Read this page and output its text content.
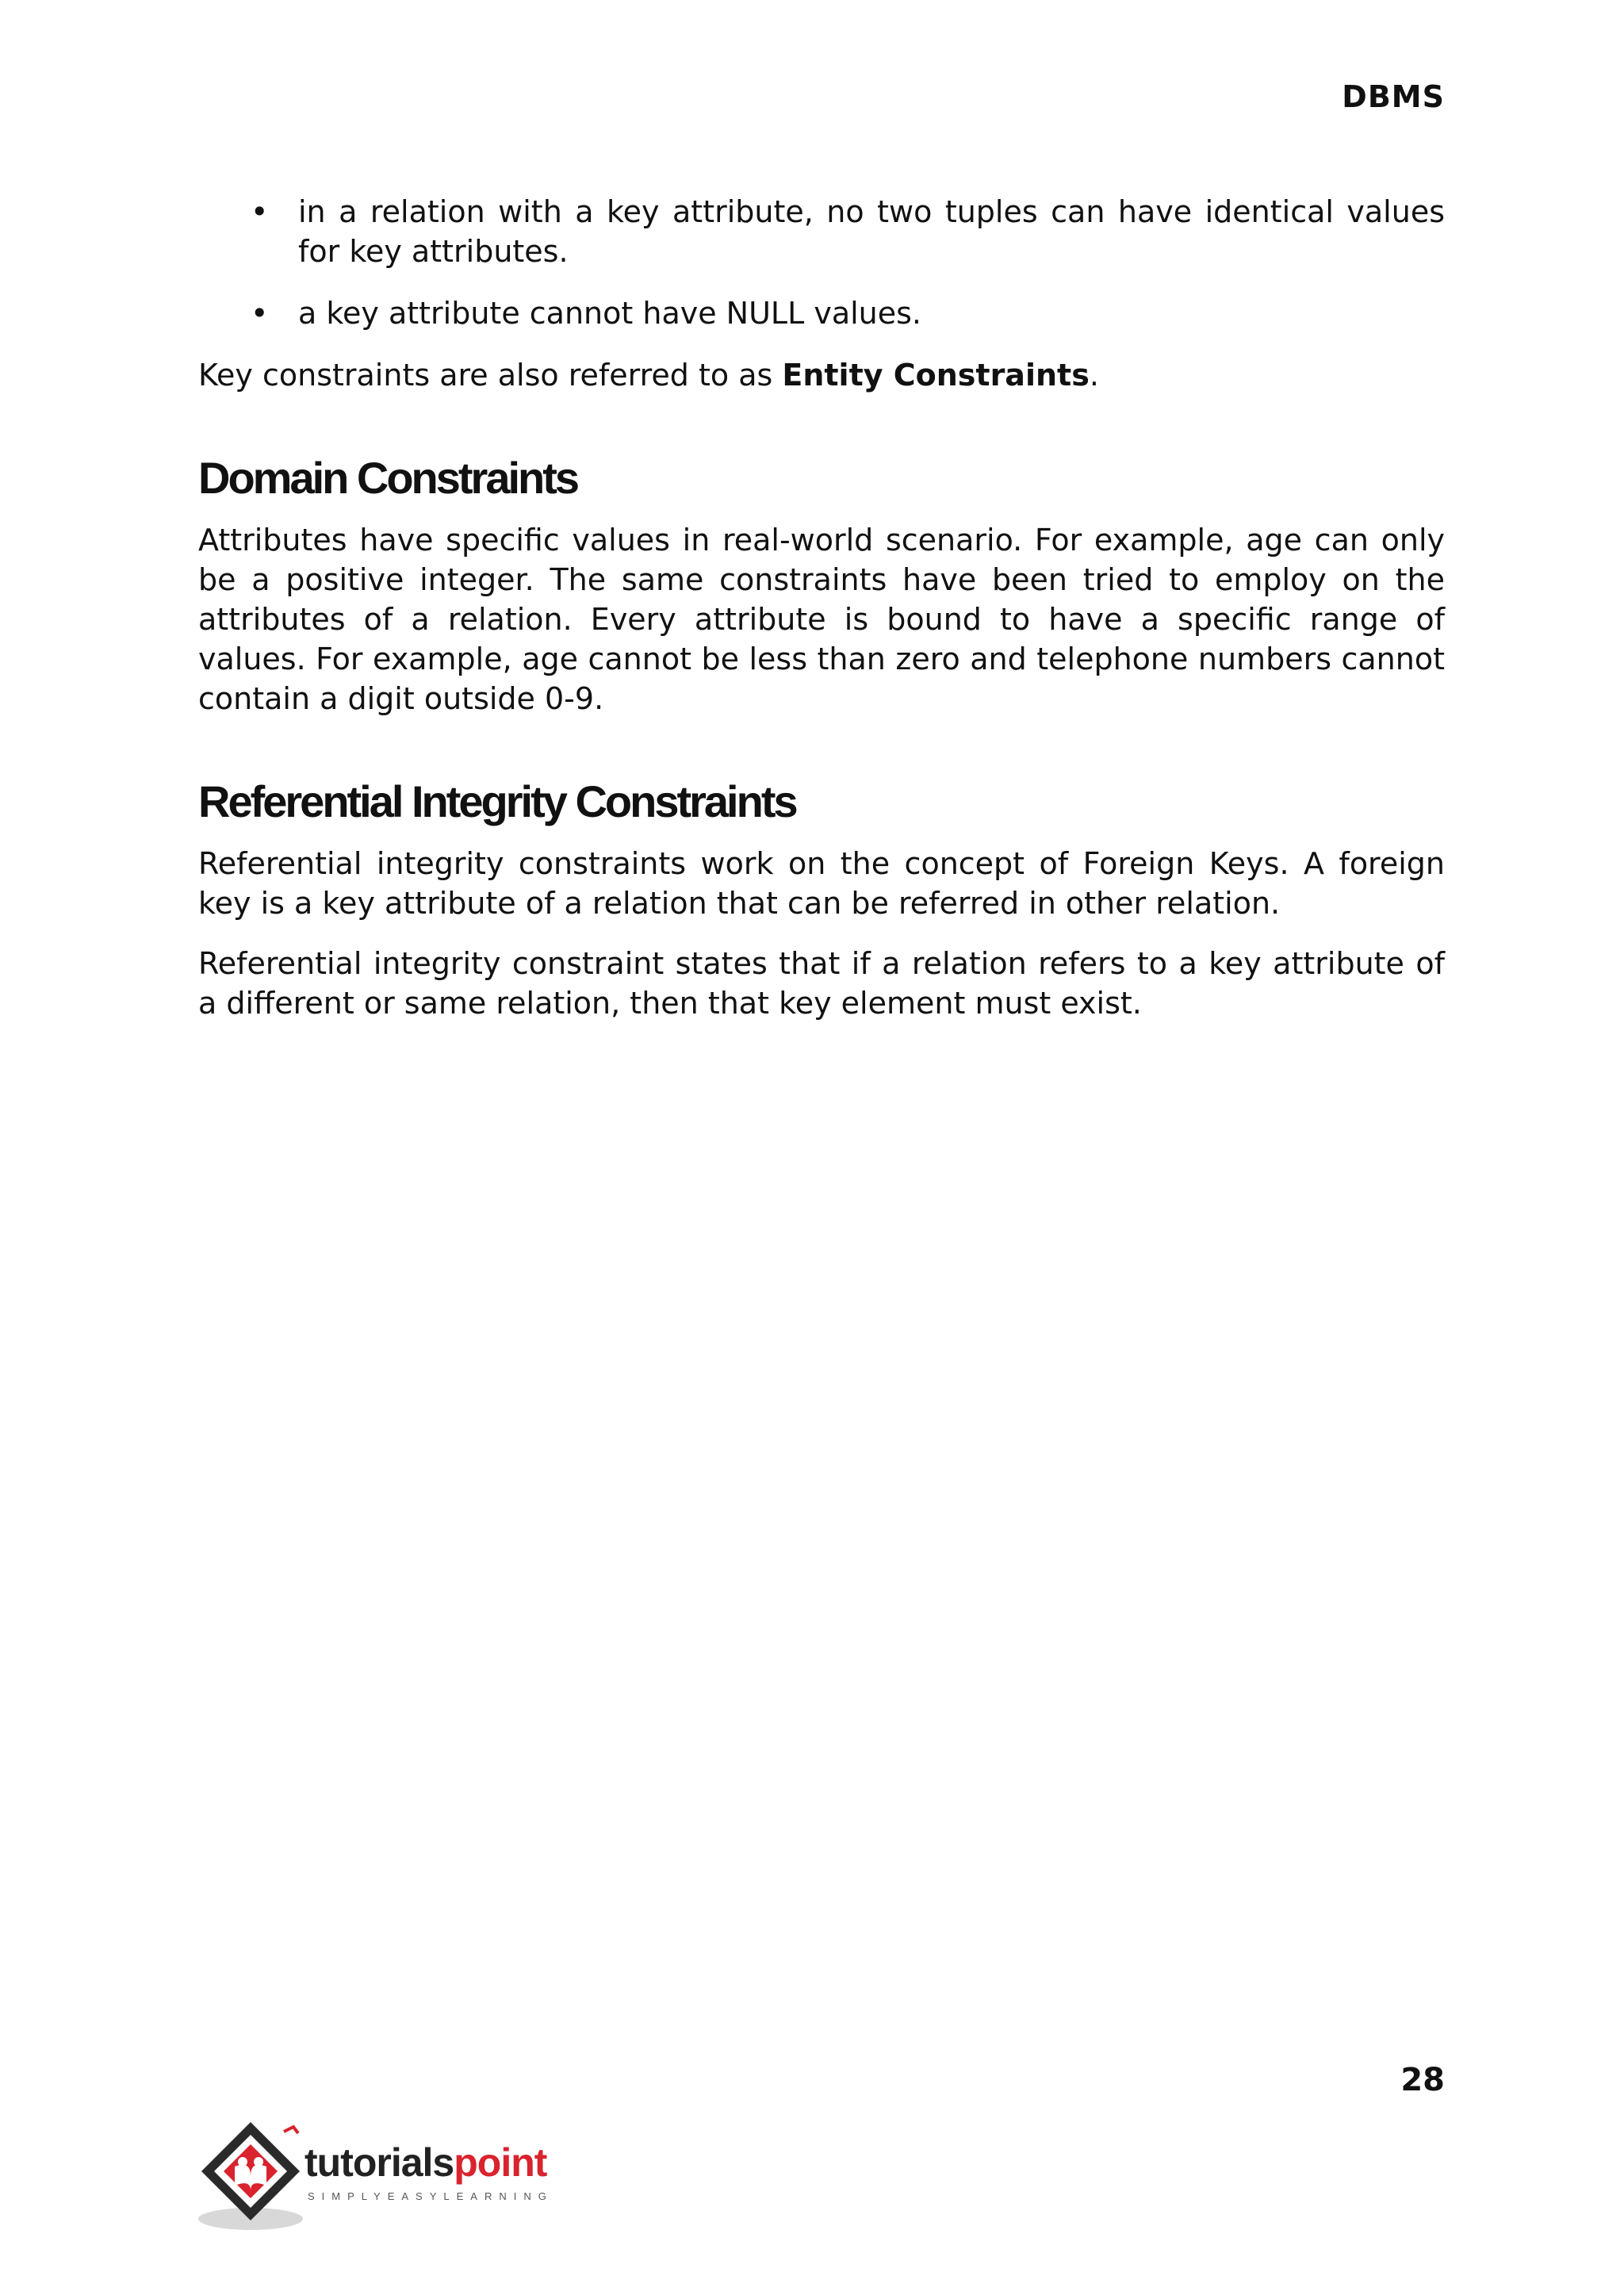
DBMS
• in a relation with a key attribute, no two tuples can have identical values for key attributes.
• a key attribute cannot have NULL values.

Key constraints are also referred to as Entity Constraints.

Domain Constraints

Attributes have specific values in real-world scenario. For example, age can only be a positive integer. The same constraints have been tried to employ on the attributes of a relation. Every attribute is bound to have a specific range of values. For example, age cannot be less than zero and telephone numbers cannot contain a digit outside 0-9.

Referential Integrity Constraints

Referential integrity constraints work on the concept of Foreign Keys. A foreign key is a key attribute of a relation that can be referred in other relation.

Referential integrity constraint states that if a relation refers to a key attribute of a different or same relation, then that key element must exist.

28
tutorialspoint
SIMPLYEASYLEARNING
